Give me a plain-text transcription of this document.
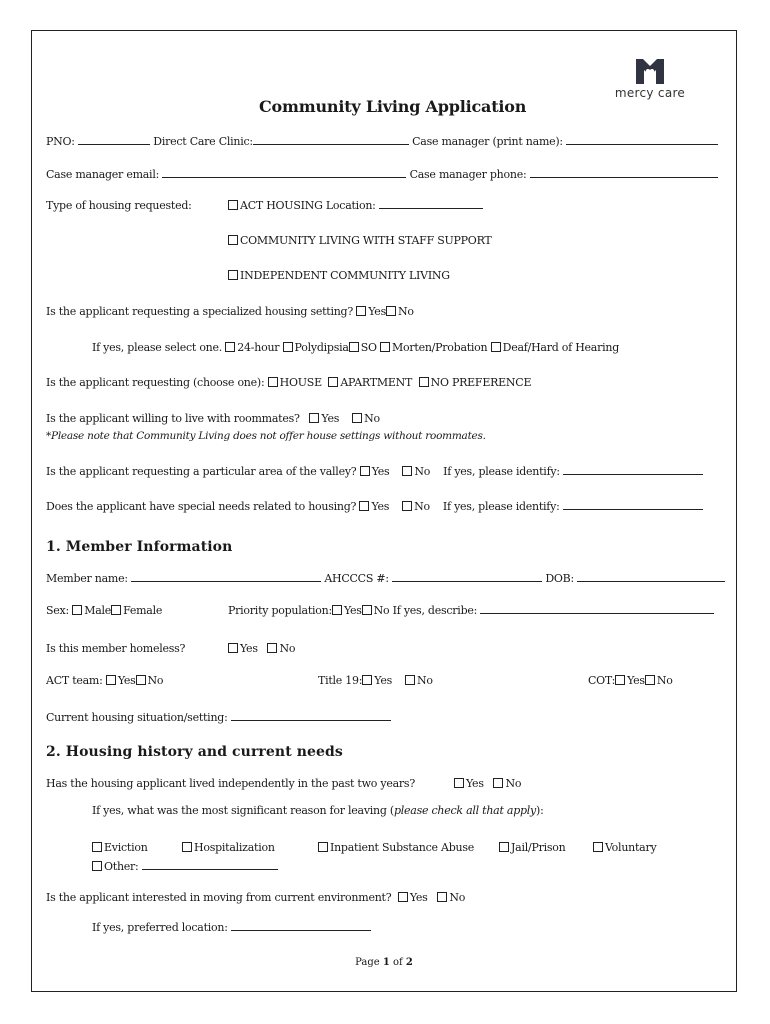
mercy care
Community Living Application
PNO:	Direct Care Clinic:	Case manager (print name):
Case manager email:	Case manager phone:
Type of housing requested:	ACT HOUSING Location:
COMMUNITY LIVING WITH STAFF SUPPORT
INDEPENDENT COMMUNITY LIVING
Is the applicant requesting a specialized housing setting? Yes No
If yes, please select one. 24-hour Polydipsia SO Morten/Probation Deaf/Hard of Hearing
Is the applicant requesting (choose one): HOUSE APARTMENT NO PREFERENCE
Is the applicant willing to live with roommates? Yes No
*Please note that Community Living does not offer house settings without roommates.
Is the applicant requesting a particular area of the valley? Yes No If yes, please identify:
Does the applicant have special needs related to housing? Yes No If yes, please identify:
1. Member Information
Member name:	AHCCCS #:	DOB:
Sex: Male Female	Priority population: Yes No If yes, describe:
Is this member homeless?	Yes No
ACT team: Yes No	Title 19: Yes No	COT: Yes No
Current housing situation/setting:
2. Housing history and current needs
Has the housing applicant lived independently in the past two years?	Yes No
If yes, what was the most significant reason for leaving (please check all that apply):
Eviction	Hospitalization	Inpatient Substance Abuse	Jail/Prison	Voluntary
Other:
Is the applicant interested in moving from current environment? Yes No
If yes, preferred location:
Page 1 of 2
